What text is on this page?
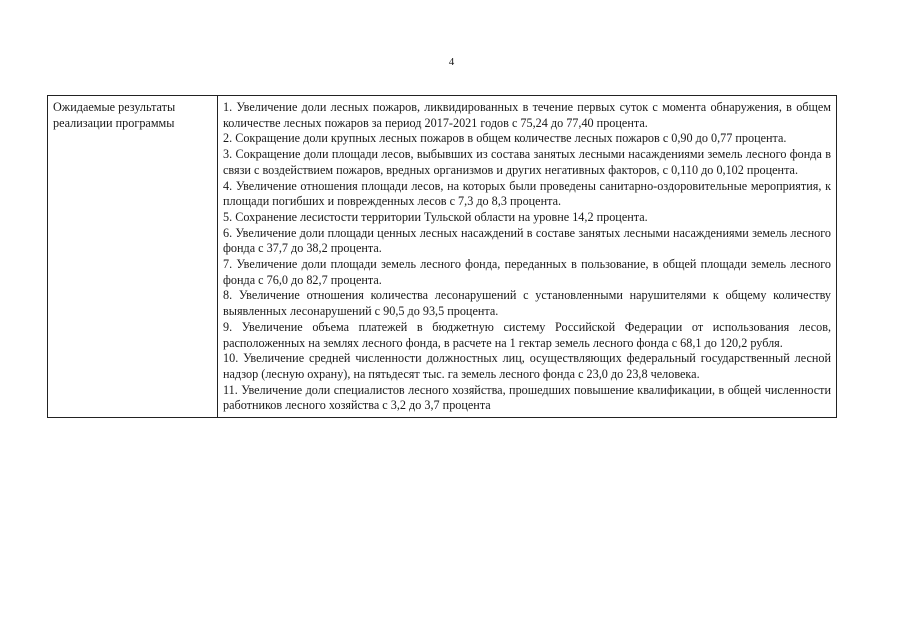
4
Ожидаемые результаты реализации программы	

1. Увеличение доли лесных пожаров, ликвидированных в течение первых суток с момента обнаружения, в общем количестве лесных пожаров за период 2017-2021 годов с 75,24 до 77,40 процента.

2. Сокращение доли крупных лесных пожаров в общем количестве лесных пожаров с 0,90 до 0,77 процента.

3. Сокращение доли площади лесов, выбывших из состава занятых лесными насаждениями земель лесного фонда в связи с воздействием пожаров, вредных организмов и других негативных факторов, с 0,110 до 0,102 процента.

4. Увеличение отношения площади лесов, на которых были проведены санитарно-оздоровительные мероприятия, к площади погибших и поврежденных лесов с 7,3 до 8,3 процента.

5. Сохранение лесистости территории Тульской области на уровне 14,2 процента.

6. Увеличение доли площади ценных лесных насаждений в составе занятых лесными насаждениями земель лесного фонда с 37,7 до 38,2 процента.

7. Увеличение доли площади земель лесного фонда, переданных в пользование, в общей площади земель лесного фонда с 76,0 до 82,7 процента.

8. Увеличение отношения количества лесонарушений с установленными нарушителями к общему количеству выявленных лесонарушений с 90,5 до 93,5 процента.

9. Увеличение объема платежей в бюджетную систему Российской Федерации от использования лесов, расположенных на землях лесного фонда, в расчете на 1 гектар земель лесного фонда с 68,1 до 120,2 рубля.

10. Увеличение средней численности должностных лиц, осуществляющих федеральный государственный лесной надзор (лесную охрану), на пятьдесят тыс. га земель лесного фонда с 23,0 до 23,8 человека.

11. Увеличение доли специалистов лесного хозяйства, прошедших повышение квалификации, в общей численности работников лесного хозяйства с 3,2 до 3,7 процента
